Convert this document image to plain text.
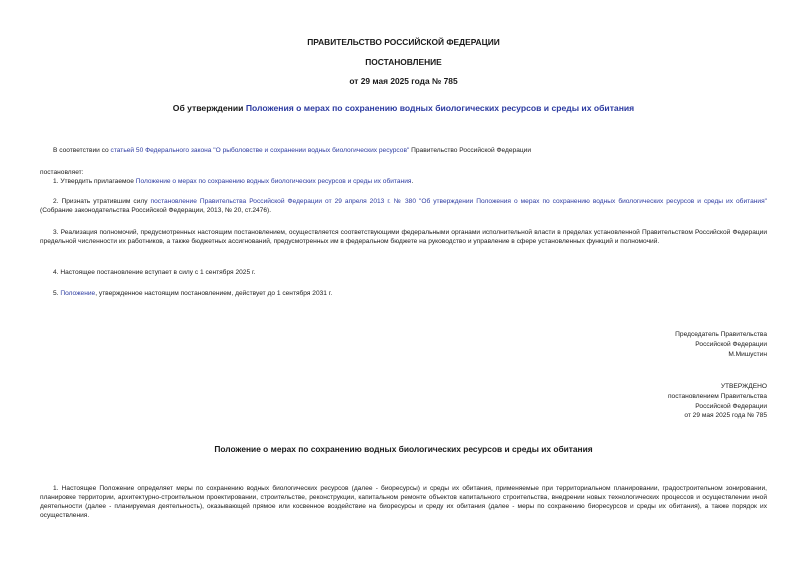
ПРАВИТЕЛЬСТВО РОССИЙСКОЙ ФЕДЕРАЦИИ
ПОСТАНОВЛЕНИЕ
от 29 мая 2025 года № 785
Об утверждении Положения о мерах по сохранению водных биологических ресурсов и среды их обитания
В соответствии со статьей 50 Федерального закона "О рыболовстве и сохранении водных биологических ресурсов" Правительство Российской Федерации
постановляет:
1. Утвердить прилагаемое Положение о мерах по сохранению водных биологических ресурсов и среды их обитания.
2. Признать утратившим силу постановление Правительства Российской Федерации от 29 апреля 2013 г. № 380 "Об утверждении Положения о мерах по сохранению водных биологических ресурсов и среды их обитания" (Собрание законодательства Российской Федерации, 2013, № 20, ст.2476).
3. Реализация полномочий, предусмотренных настоящим постановлением, осуществляется соответствующими федеральными органами исполнительной власти в пределах установленной Правительством Российской Федерации предельной численности их работников, а также бюджетных ассигнований, предусмотренных им в федеральном бюджете на руководство и управление в сфере установленных функций и полномочий.
4. Настоящее постановление вступает в силу с 1 сентября 2025 г.
5. Положение, утвержденное настоящим постановлением, действует до 1 сентября 2031 г.
Председатель Правительства
Российской Федерации
М.Мишустин
УТВЕРЖДЕНО
постановлением Правительства
Российской Федерации
от 29 мая 2025 года № 785
Положение о мерах по сохранению водных биологических ресурсов и среды их обитания
1. Настоящее Положение определяет меры по сохранению водных биологических ресурсов (далее - биоресурсы) и среды их обитания, применяемые при территориальном планировании, градостроительном зонировании, планировке территории, архитектурно-строительном проектировании, строительстве, реконструкции, капитальном ремонте объектов капитального строительства, внедрении новых технологических процессов и осуществлении иной деятельности (далее - планируемая деятельность), оказывающей прямое или косвенное воздействие на биоресурсы и среду их обитания (далее - меры по сохранению биоресурсов и среды их обитания), а также порядок их осуществления.
